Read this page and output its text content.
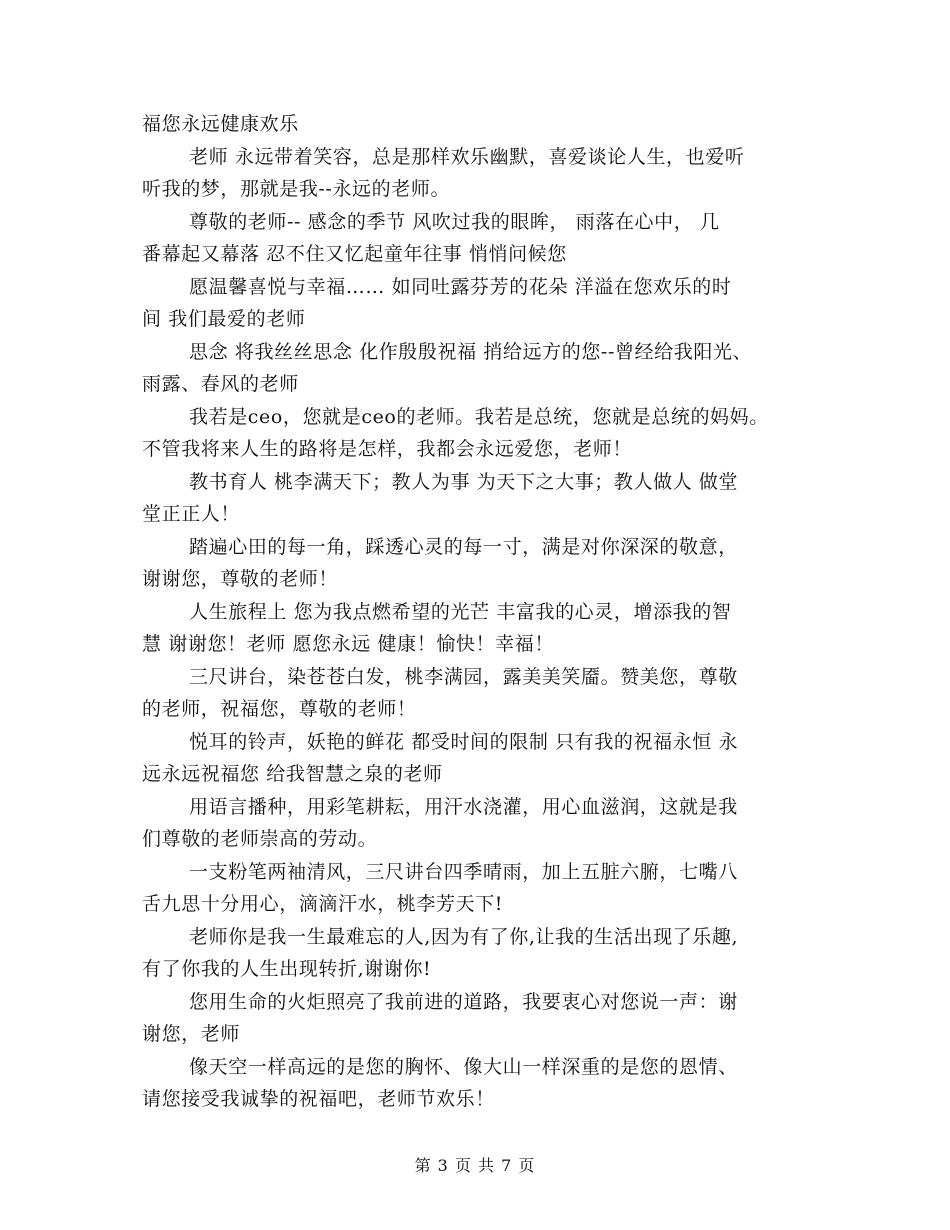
福您永远健康欢乐
老师 永远带着笑容，总是那样欢乐幽默，喜爱谈论人生，也爱听
听我的梦，那就是我--永远的老师。
尊敬的老师-- 感念的季节 风吹过我的眼眸， 雨落在心中， 几
番幕起又幕落 忍不住又忆起童年往事 悄悄问候您
愿温馨喜悦与幸福…… 如同吐露芬芳的花朵 洋溢在您欢乐的时
间 我们最爱的老师
思念 将我丝丝思念 化作殷殷祝福 捎给远方的您--曾经给我阳光、
雨露、春风的老师
我若是ceo，您就是ceo的老师。我若是总统，您就是总统的妈妈。
不管我将来人生的路将是怎样，我都会永远爱您，老师！
教书育人 桃李满天下；教人为事 为天下之大事；教人做人 做堂
堂正正人！
踏遍心田的每一角，踩透心灵的每一寸，满是对你深深的敬意，
谢谢您，尊敬的老师！
人生旅程上 您为我点燃希望的光芒 丰富我的心灵，增添我的智
慧 谢谢您！老师 愿您永远 健康！愉快！幸福！
三尺讲台，染苍苍白发，桃李满园，露美美笑靥。赞美您，尊敬
的老师，祝福您，尊敬的老师！
悦耳的铃声，妖艳的鲜花 都受时间的限制 只有我的祝福永恒 永
远永远祝福您 给我智慧之泉的老师
用语言播种，用彩笔耕耘，用汗水浇灌，用心血滋润，这就是我
们尊敬的老师崇高的劳动。
一支粉笔两袖清风，三尺讲台四季晴雨，加上五脏六腑，七嘴八
舌九思十分用心，滴滴汗水，桃李芳天下!
老师你是我一生最难忘的人,因为有了你,让我的生活出现了乐趣,
有了你我的人生出现转折,谢谢你!
您用生命的火炬照亮了我前进的道路，我要衷心对您说一声：谢
谢您，老师
像天空一样高远的是您的胸怀、像大山一样深重的是您的恩情、
请您接受我诚挚的祝福吧，老师节欢乐！
第 3 页 共 7 页
